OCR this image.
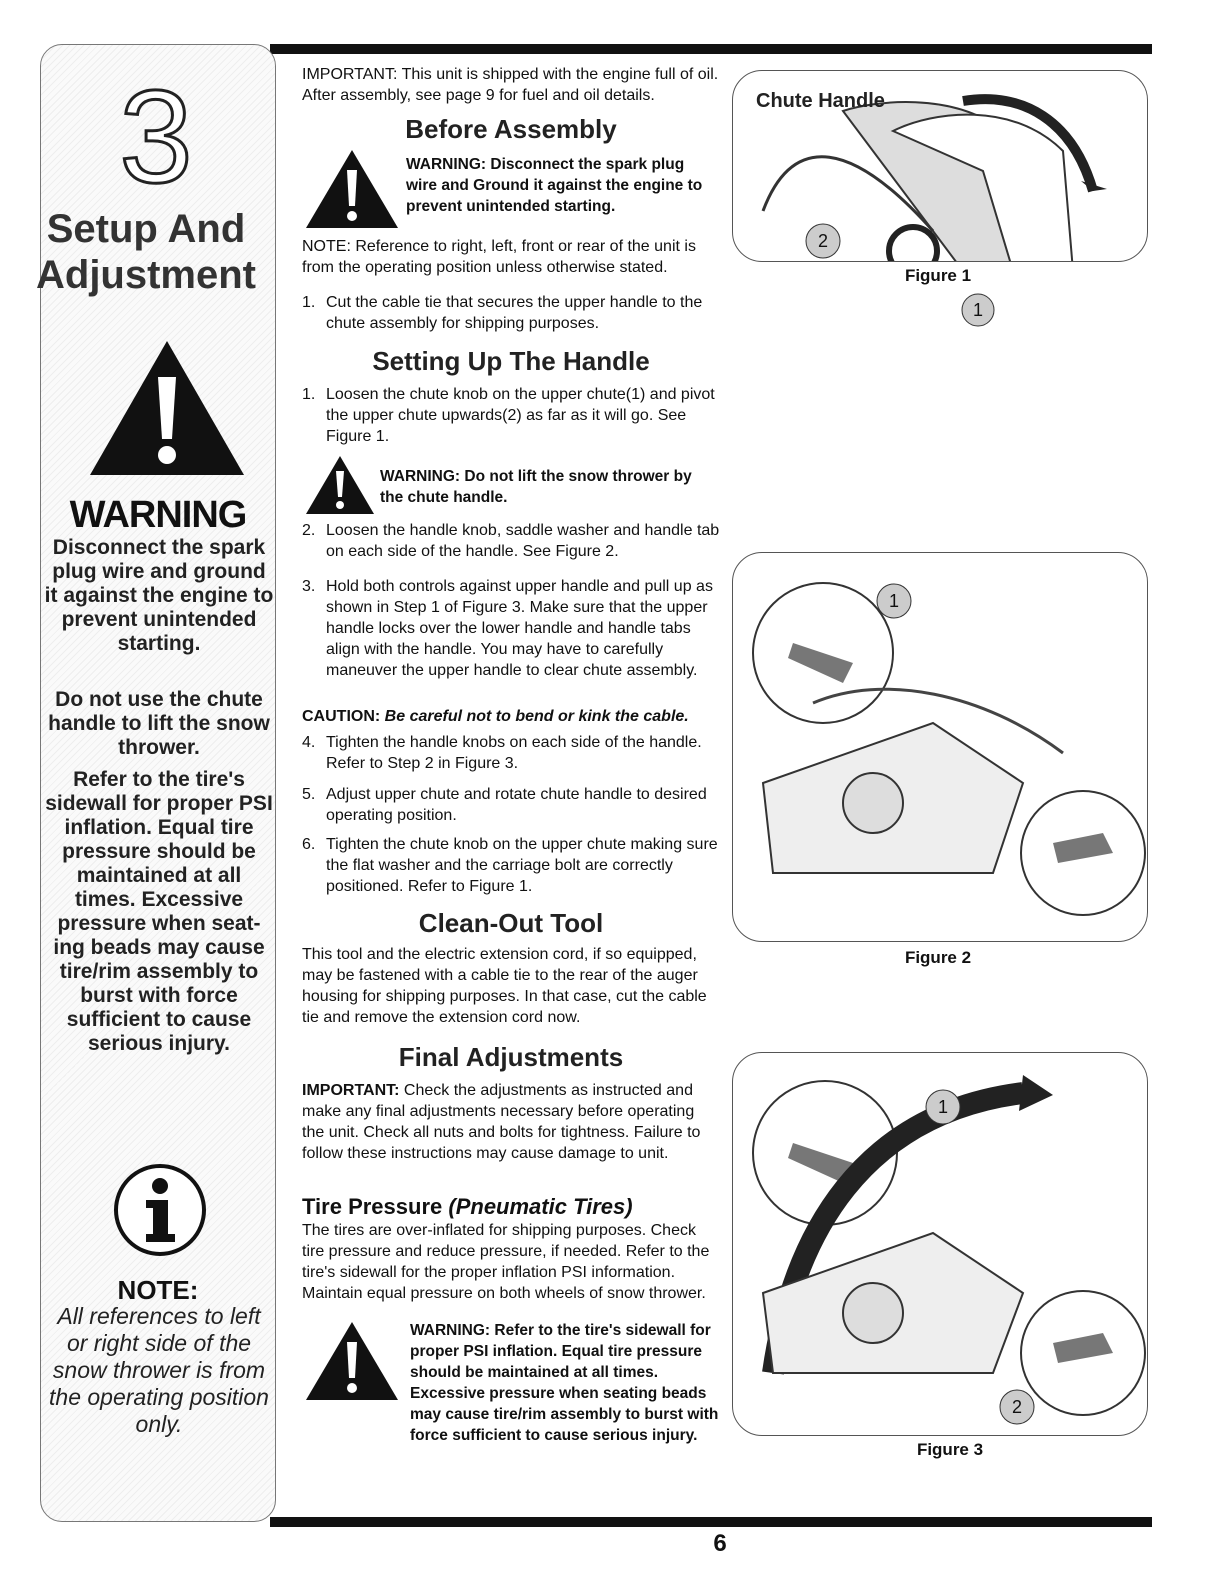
6
3
Setup And
Adjustment
WARNING
Disconnect the spark plug wire and ground it against the engine to prevent unintended starting.
Do not use the chute handle to lift the snow thrower.
Refer to the tire's sidewall for proper PSI inflation. Equal tire pressure should be maintained at all times. Excessive pressure when seat-ing beads may cause tire/rim assembly to burst with force sufficient to cause serious injury.
NOTE:
All references to left or right side of the snow thrower is from the operating position only.
IMPORTANT: This unit is shipped with the engine full of oil. After assembly, see page 9 for fuel and oil details.
Before Assembly
WARNING: Disconnect the spark plug wire and Ground it against the engine to prevent unintended starting.
NOTE: Reference to right, left, front or rear of the unit is from the operating position unless otherwise stated.
1. Cut the cable tie that secures the upper handle to the chute assembly for shipping purposes.
Setting Up The Handle
1. Loosen the chute knob on the upper chute(1) and pivot the upper chute upwards(2) as far as it will go. See Figure 1.
WARNING: Do not lift the snow thrower by the chute handle.
2. Loosen the handle knob, saddle washer and handle tab on each side of the handle. See Figure 2.
3. Hold both controls against upper handle and pull up as shown in Step 1 of Figure 3. Make sure that the upper handle locks over the lower handle and handle tabs align with the handle. You may have to carefully maneuver the upper handle to clear chute assembly.
CAUTION: Be careful not to bend or kink the cable.
4. Tighten the handle knobs on each side of the handle. Refer to Step 2 in Figure 3.
5. Adjust upper chute and rotate chute handle to desired operating position.
6. Tighten the chute knob on the upper chute making sure the flat washer and the carriage bolt are correctly positioned. Refer to Figure 1.
Clean-Out Tool
This tool and the electric extension cord, if so equipped, may be fastened with a cable tie to the rear of the auger housing for shipping purposes. In that case, cut the cable tie and remove the extension cord now.
Final Adjustments
IMPORTANT: Check the adjustments as instructed and make any final adjustments necessary before operating the unit. Check all nuts and bolts for tightness. Failure to follow these instructions may cause damage to unit.
Tire Pressure (Pneumatic Tires)
The tires are over-inflated for shipping purposes. Check tire pressure and reduce pressure, if needed. Refer to the tire's sidewall for the proper inflation PSI information. Maintain equal pressure on both wheels of snow thrower.
WARNING: Refer to the tire's sidewall for proper PSI inflation. Equal tire pressure should be maintained at all times. Excessive pressure when seating beads may cause tire/rim assembly to burst with force sufficient to cause serious injury.
2
Chute Handle
1
Figure 1
1
Figure 2
1
2
Figure 3
